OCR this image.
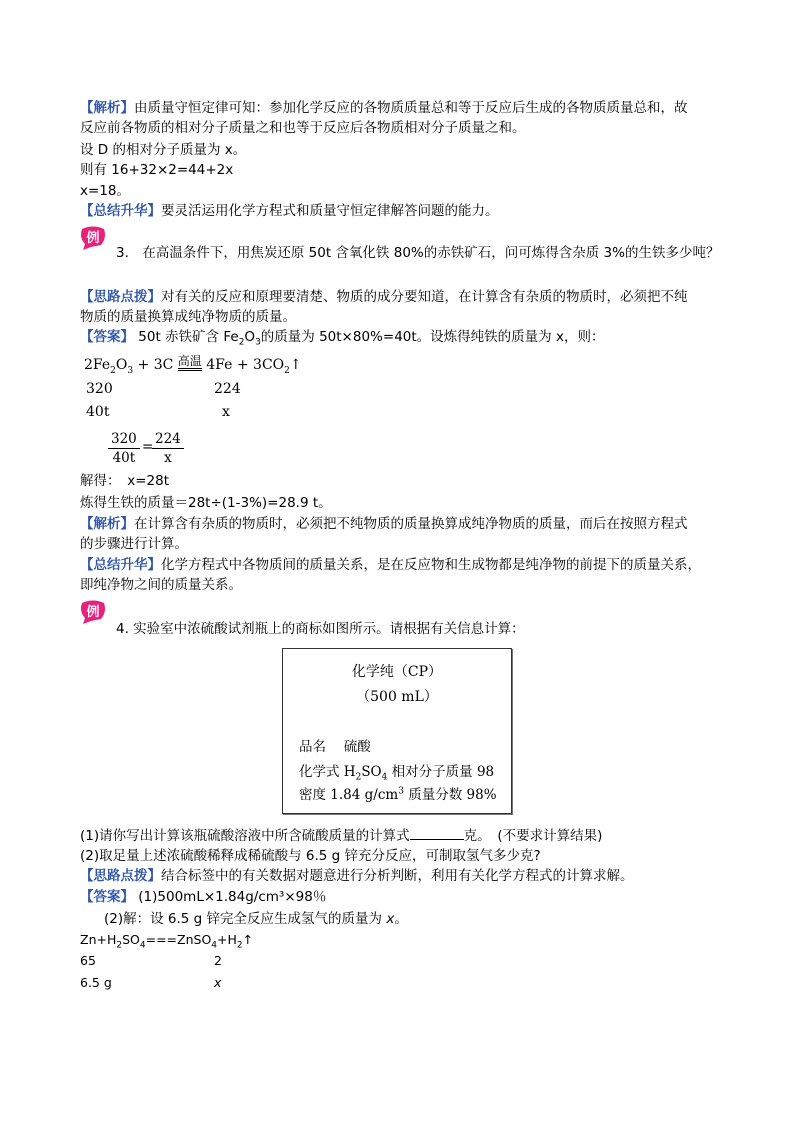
【解析】由质量守恒定律可知：参加化学反应的各物质质量总和等于反应后生成的各物质质量总和，故
反应前各物质的相对分子质量之和也等于反应后各物质相对分子质量之和。
设 D 的相对分子质量为 x。
则有 16+32×2=44+2x
x=18。
【总结升华】要灵活运用化学方程式和质量守恒定律解答问题的能力。
例
3.　在高温条件下，用焦炭还原 50t 含氧化铁 80%的赤铁矿石，问可炼得含杂质 3%的生铁多少吨？
【思路点拨】对有关的反应和原理要清楚、物质的成分要知道，在计算含有杂质的物质时，必须把不纯
物质的质量换算成纯净物质的质量。
【答案】 50t 赤铁矿含 $Fe_2O_3$的质量为 50t×80%=40t。设炼得纯铁的质量为 x，则：
$2Fe_2O_3 + 3C$ 高温 $4Fe + 3CO_2↑$
320	224
40t	x
$\frac{320}{40t}$ =
$\frac{224}{x}$
解得：　x=28t
炼得生铁的质量＝28t÷(1-3%)=28.9 t。
【解析】在计算含有杂质的物质时，必须把不纯物质的质量换算成纯净物质的质量，而后在按照方程式
的步骤进行计算。
【总结升华】化学方程式中各物质间的质量关系，是在反应物和生成物都是纯净物的前提下的质量关系，
即纯净物之间的质量关系。
例
4. 实验室中浓硫酸试剂瓶上的商标如图所示。请根据有关信息计算：
化学纯（CP）
（500 mL）
品名　 硫酸
化学式 $H_2SO_4$ 相对分子质量 98
密度 1.84 $g/cm^3$ 质量分数 98%
(1)请你写出计算该瓶硫酸溶液中所含硫酸质量的计算式	克。　(不要求计算结果)
(2)取足量上述浓硫酸稀释成稀硫酸与 6.5 g 锌充分反应，可制取氢气多少克?
【思路点拨】结合标签中的有关数据对题意进行分析判断，利用有关化学方程式的计算求解。
【答案】 (1)500mL×1.84g/cm³×98％
(2)解：设 6.5 g 锌完全反应生成氢气的质量为 x。
$Zn+H_2SO_4===ZnSO_4+H_2↑$
65	2
6.5 g	x
